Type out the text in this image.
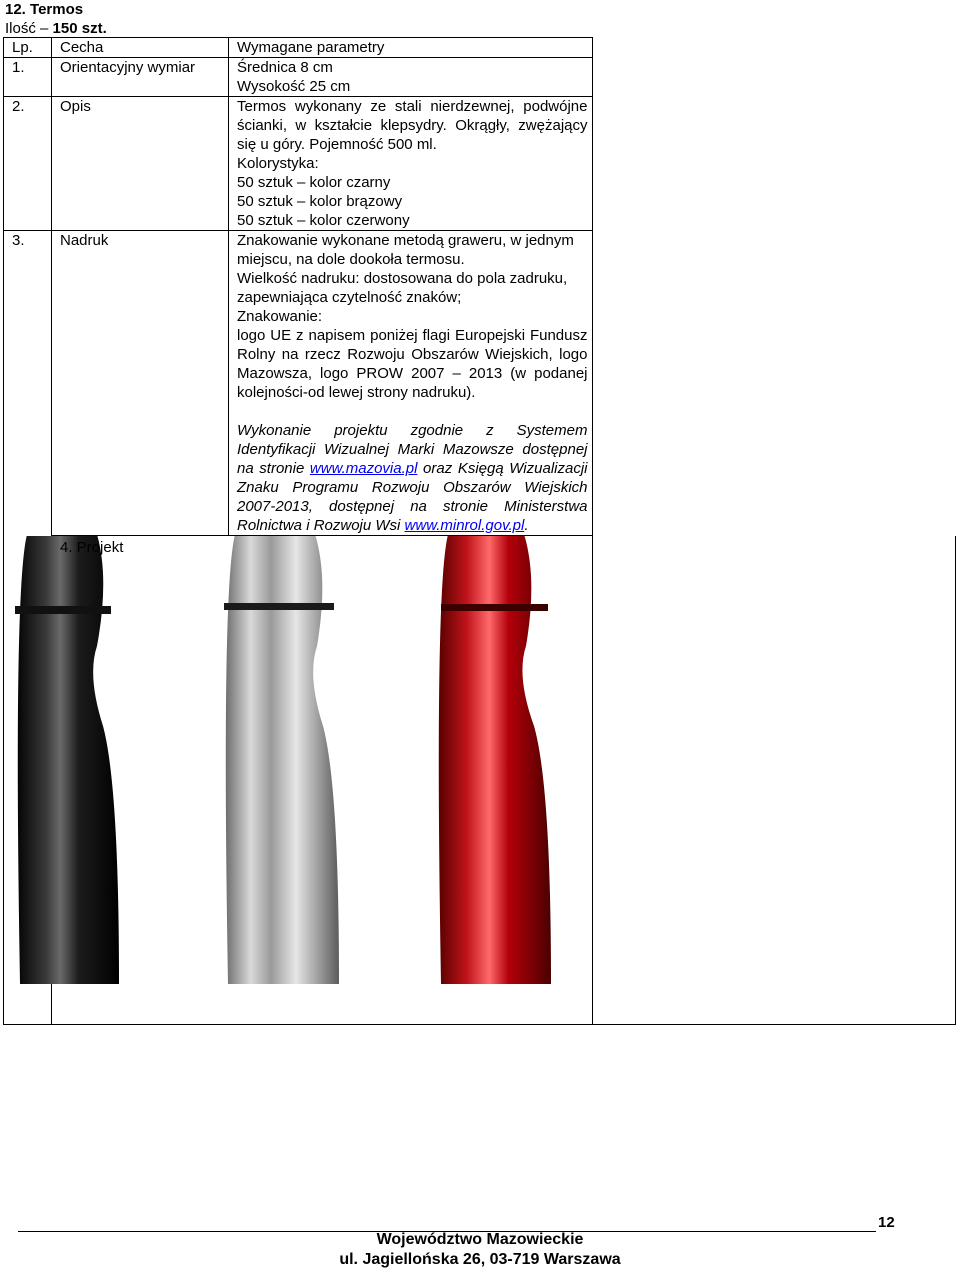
12. Termos
Ilość – 150 szt.
Lp.	Cecha	Wymagane parametry	
1.	Orientacyjny wymiar	Średnica 8 cm
Wysokość 25 cm	

2.	Opis	Termos wykonany ze stali nierdzewnej, podwójne ścianki, w kształcie klepsydry. Okrągły, zwężający się u góry. Pojemność 500 ml.
Kolorystyka:
50 sztuk – kolor czarny
50 sztuk – kolor brązowy
50 sztuk – kolor czerwony	

3.	Nadruk	Znakowanie wykonane metodą graweru, w jednym miejscu, na dole dookoła termosu.
Wielkość nadruku: dostosowana do pola zadruku, zapewniająca czytelność znaków;
Znakowanie:
logo UE z napisem poniżej flagi Europejski Fundusz Rolny na rzecz Rozwoju Obszarów Wiejskich, logo Mazowsza, logo PROW 2007 – 2013 (w podanej kolejności-od lewej strony nadruku).
Wykonanie projektu zgodnie z Systemem Identyfikacji Wizualnej Marki Mazowsze dostępnej na stronie www.mazovia.pl oraz Księgą Wizualizacji Znaku Programu Rozwoju Obszarów Wiejskich 2007-2013, dostępnej na stronie Ministerstwa Rolnictwa i Rozwoju Wsi www.minrol.gov.pl.	

	4. Projekt		

12
Województwo Mazowieckie
ul. Jagiellońska 26, 03-719 Warszawa
